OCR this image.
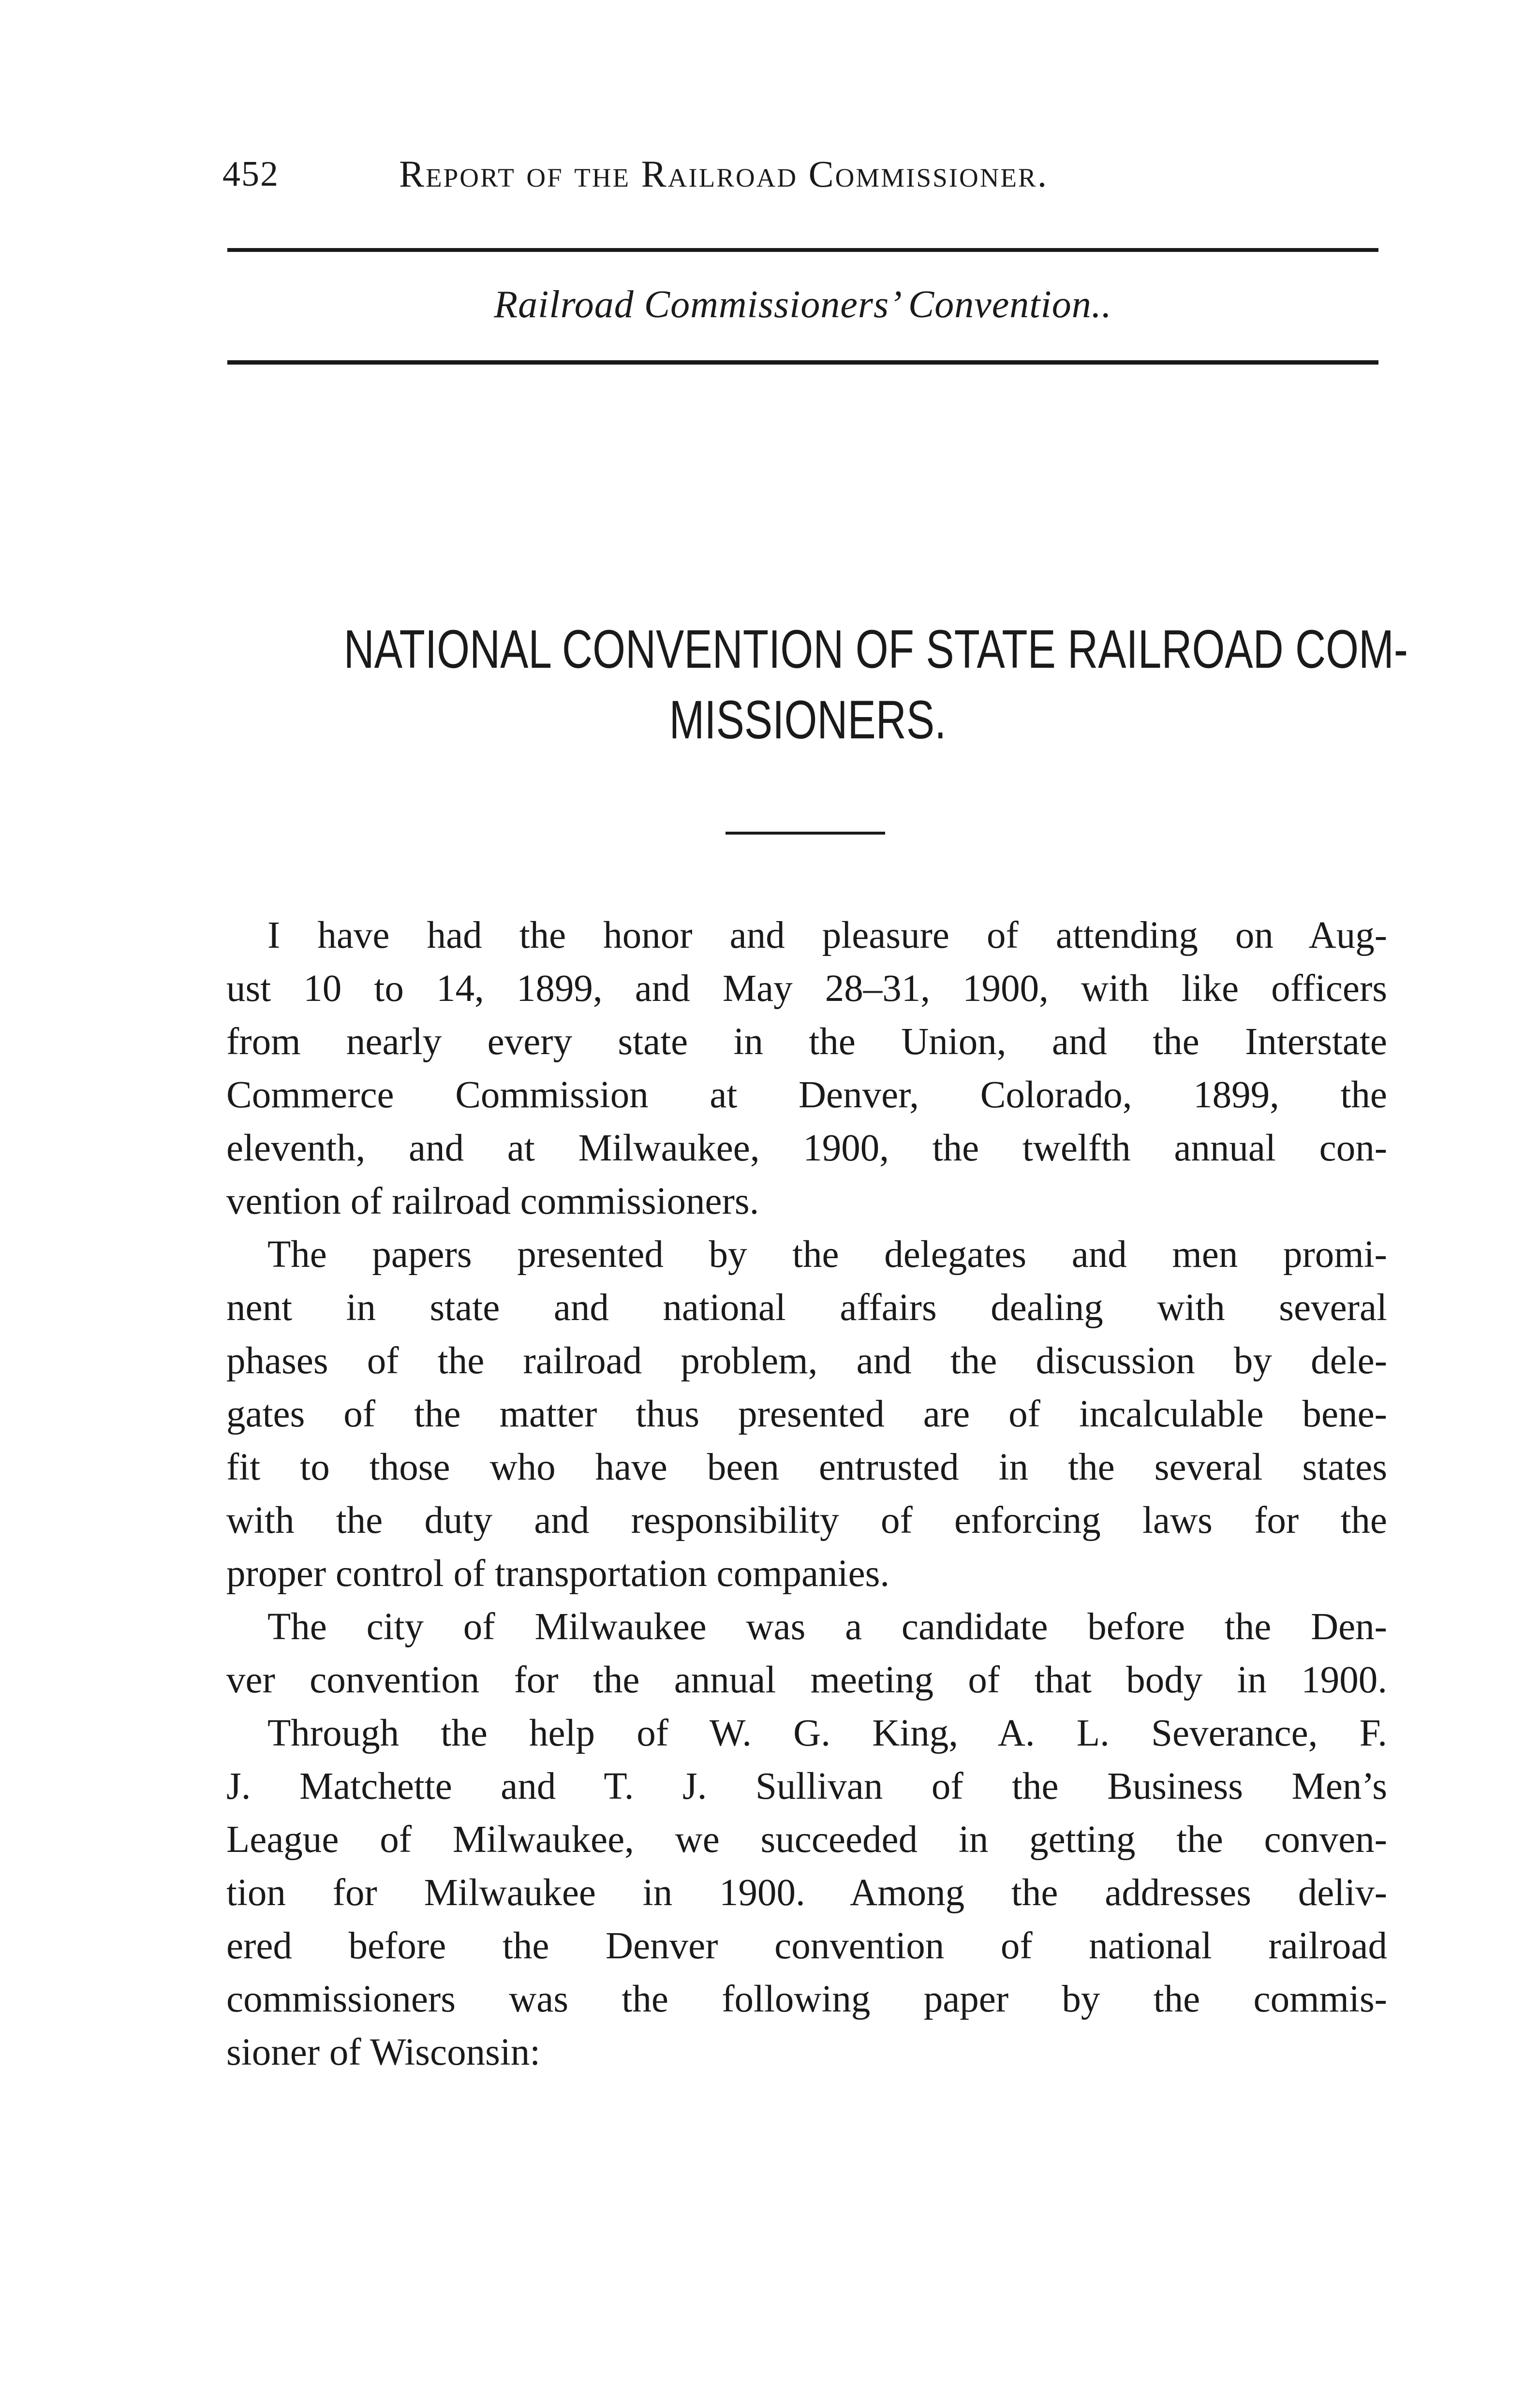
452	Report of the Railroad Commissioner.
Railroad Commissioners’ Convention..
NATIONAL CONVENTION OF STATE RAILROAD COM-
MISSIONERS.
I have had the honor and pleasure of attending on Aug-
ust 10 to 14, 1899, and May 28–31, 1900, with like officers
from nearly every state in the Union, and the Interstate
Commerce Commission at Denver, Colorado, 1899, the
eleventh, and at Milwaukee, 1900, the twelfth annual con-
vention of railroad commissioners.
The papers presented by the delegates and men promi-
nent in state and national affairs dealing with several
phases of the railroad problem, and the discussion by dele-
gates of the matter thus presented are of incalculable bene-
fit to those who have been entrusted in the several states
with the duty and responsibility of enforcing laws for the
proper control of transportation companies.
The city of Milwaukee was a candidate before the Den-
ver convention for the annual meeting of that body in 1900.
Through the help of W. G. King, A. L. Severance, F.
J. Matchette and T. J. Sullivan of the Business Men’s
League of Milwaukee, we succeeded in getting the conven-
tion for Milwaukee in 1900. Among the addresses deliv-
ered before the Denver convention of national railroad
commissioners was the following paper by the commis-
sioner of Wisconsin:
